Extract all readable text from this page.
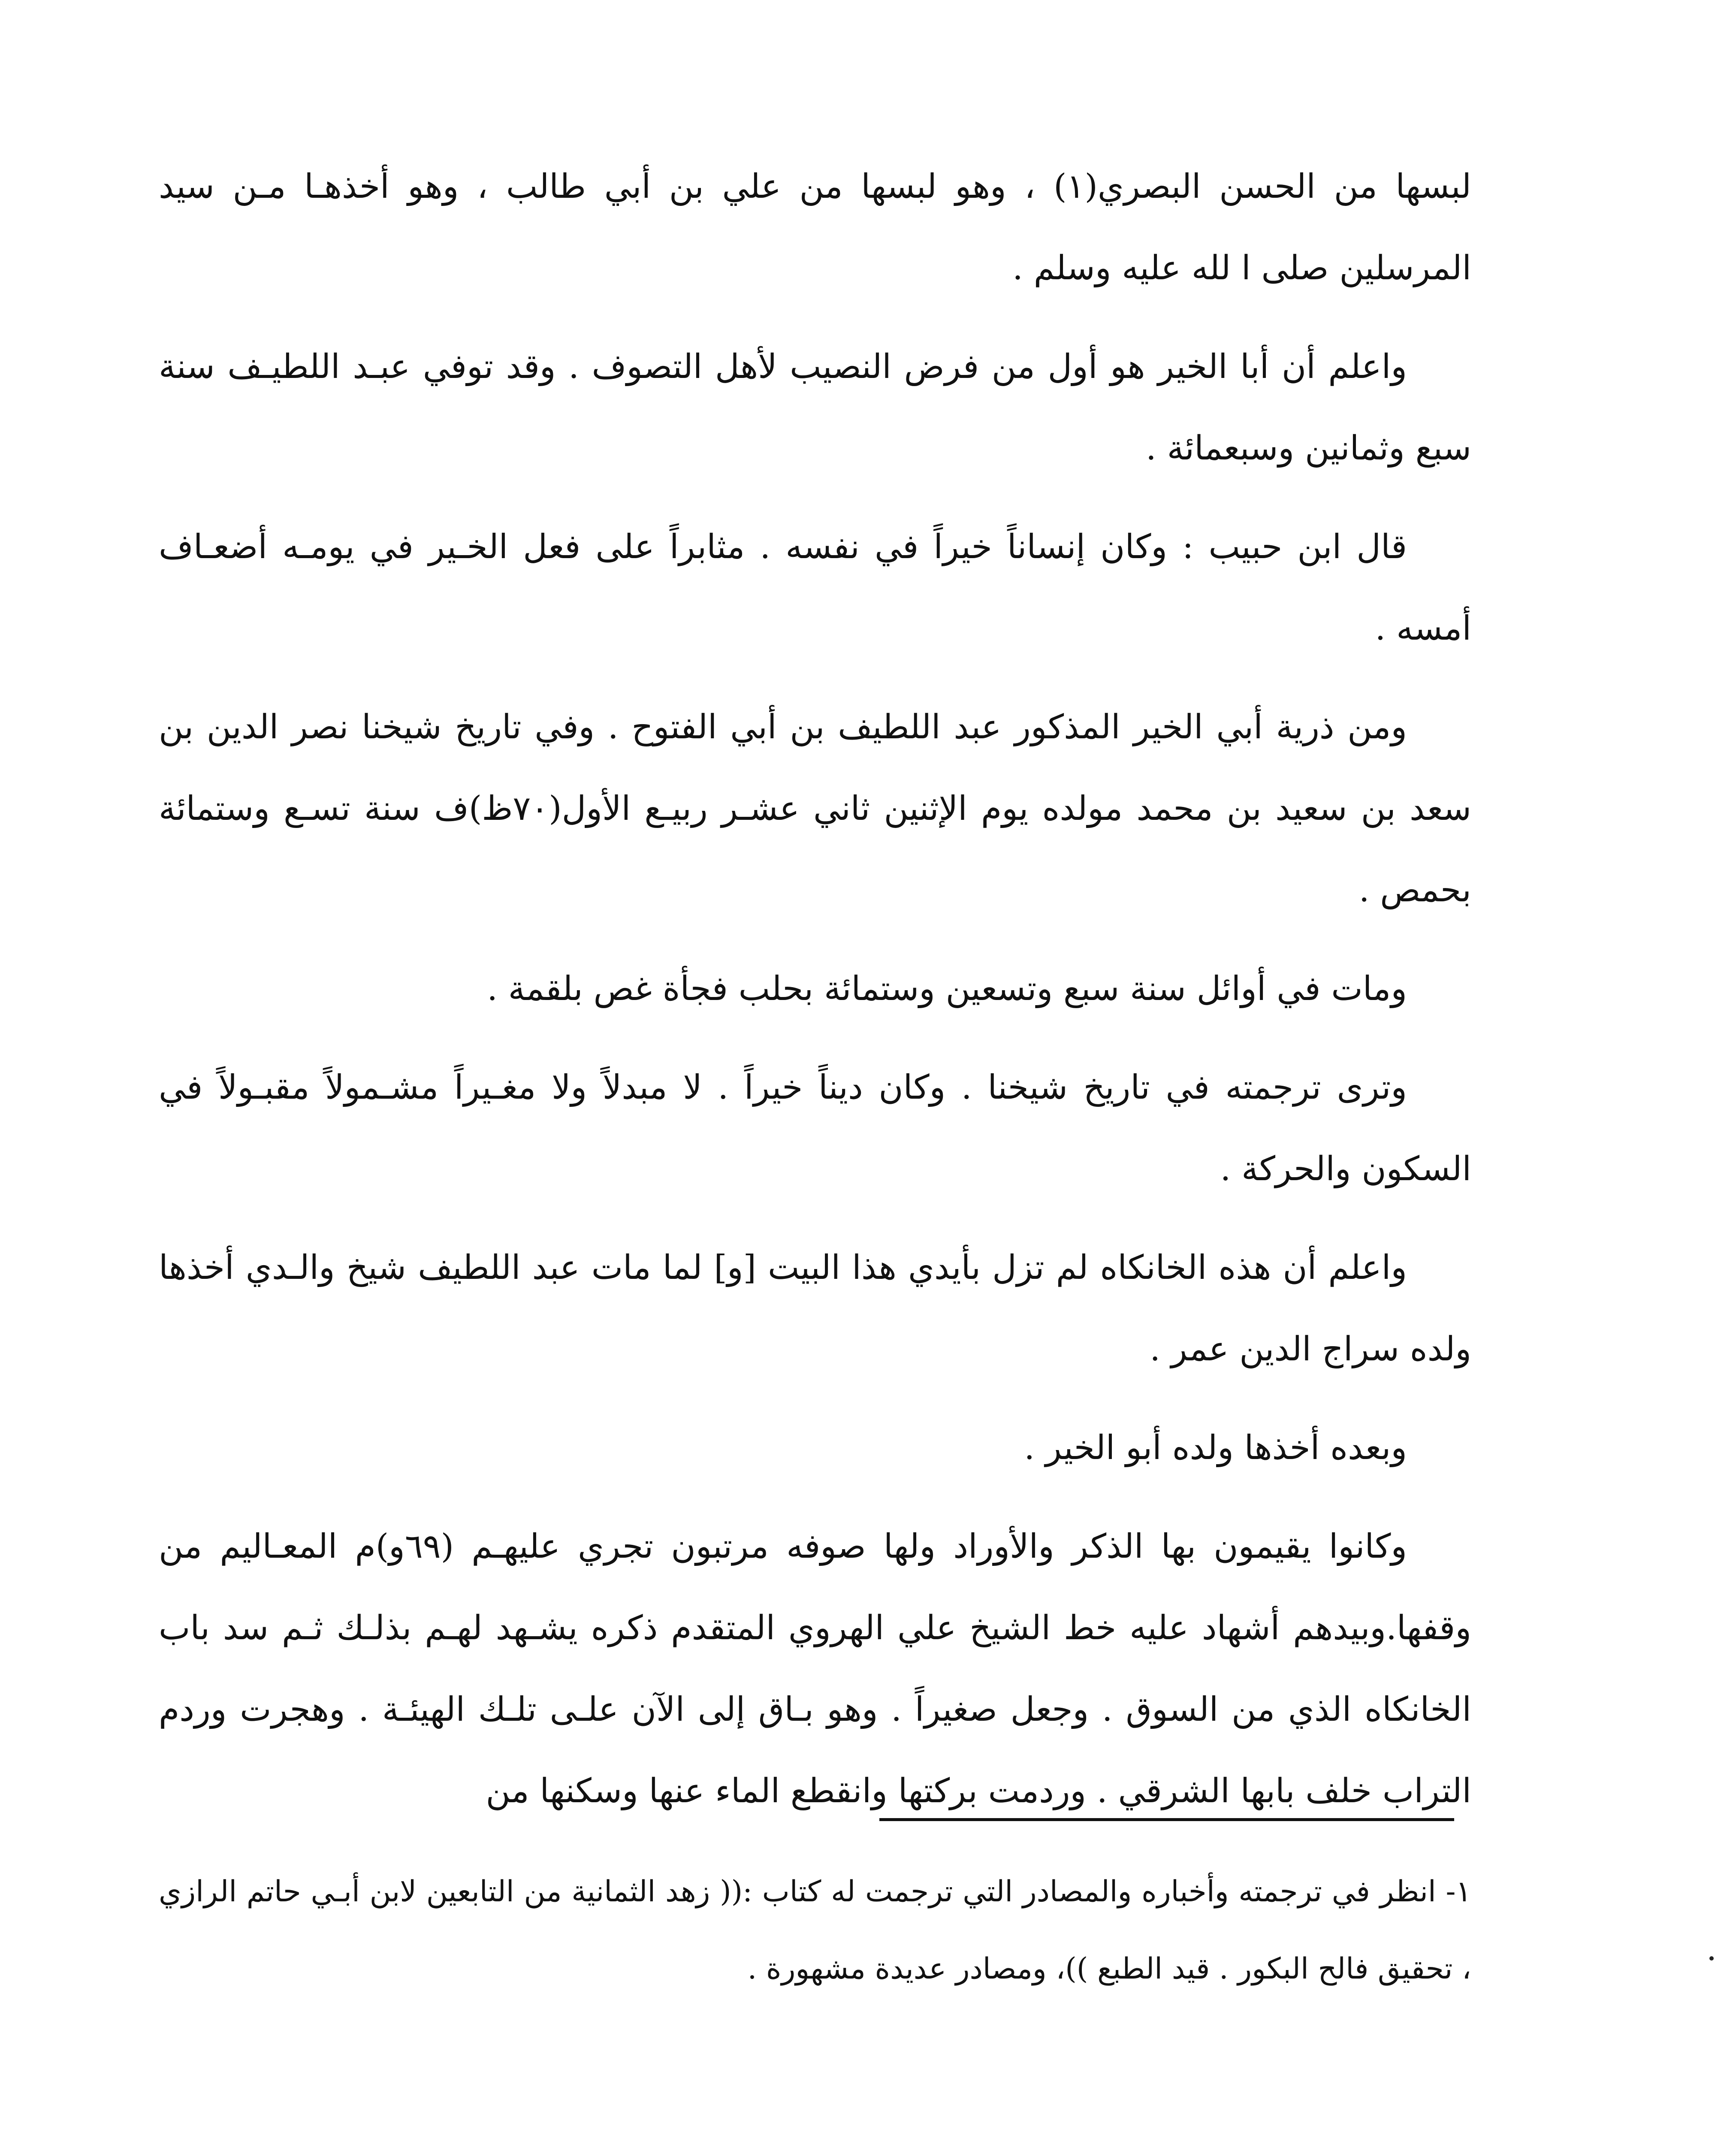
لبسها من الحسن البصري(١) ، وهو لبسها من علي بن أبي طالب ، وهو أخذهـا مـن سيد المرسلين صلى ا لله عليه وسلم .

واعلم أن أبا الخير هو أول من فرض النصيب لأهل التصوف . وقد توفي عبـد اللطيـف سنة سبع وثمانين وسبعمائة .

قال ابن حبيب : وكان إنساناً خيراً في نفسه . مثابراً على فعل الخـير في يومـه أضعـاف أمسه .

ومن ذرية أبي الخير المذكور عبد اللطيف بن أبي الفتوح . وفي تاريخ شيخنا نصر الدين بن سعد بن سعيد بن محمد مولده يوم الإثنين ثاني عشـر ربيـع الأول(٧٠ظ)ف سنة تسـع وستمائة بحمص .

ومات في أوائل سنة سبع وتسعين وستمائة بحلب فجأة غص بلقمة .

وترى ترجمته في تاريخ شيخنا . وكان ديناً خيراً . لا مبدلاً ولا مغـيراً مشـمولاً مقبـولاً في السكون والحركة .

واعلم أن هذه الخانكاه لم تزل بأيدي هذا البيت [و] لما مات عبد اللطيف شيخ والـدي أخذها ولده سراج الدين عمر .

وبعده أخذها ولده أبو الخير .

وكانوا يقيمون بها الذكر والأوراد ولها صوفه مرتبون تجري عليهـم (٦٩و)م المعـاليم من وقفها.وبيدهم أشهاد عليه خط الشيخ علي الهروي المتقدم ذكره يشـهد لهـم بذلـك ثـم سد باب الخانكاه الذي من السوق . وجعل صغيراً . وهو بـاق إلى الآن علـى تلـك الهيئـة . وهجرت وردم التراب خلف بابها الشرقي . وردمت بركتها وانقطع الماء عنها وسكنها من

١- انظر في ترجمته وأخباره والمصادر التي ترجمت له كتاب :(( زهد الثمانية من التابعين لابن أبـي حاتم الرازي ، تحقيق فالح البكور . قيد الطبع ))، ومصادر عديدة مشهورة .
